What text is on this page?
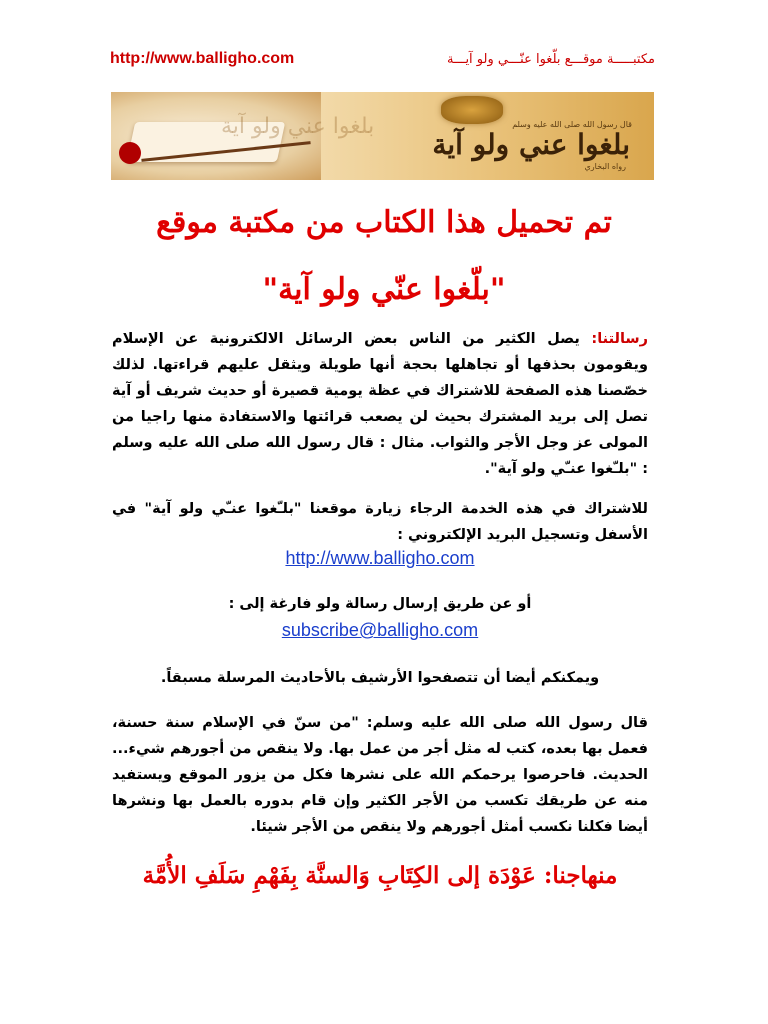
http://www.balligho.com	مكتبـــــة موقـــع بلّغوا عنّـــي ولو آيـــة
بلغوا عني ولو آية	قال رسول الله صلى الله عليه وسلم
بلغوا عني ولو آية
رواه البخاري
تم تحميل هذا الكتاب من مكتبة موقع
"بلّغوا عنّي ولو آية"
رسالتنا: يصل الكثير من الناس بعض الرسائل الالكترونية عن الإسلام ويقومون بحذفها أو تجاهلها بحجة أنها طويلة ويثقل عليهم قراءتها. لذلك خصّصنا هذه الصفحة للاشتراك في عظة يومية قصيرة أو حديث شريف أو آية تصل إلى بريد المشترك بحيث لن يصعب قرائتها والاستفادة منها راجيا من المولى عز وجل الأجر والثواب. مثال : قال رسول الله صلى الله عليه وسلم : "بلـّغوا عنـّي ولو آية".
للاشتراك في هذه الخدمة الرجاء زيارة موقعنا "بلـّغوا عنـّي ولو آية" في الأسفل وتسجيل البريد الإلكتروني :
http://www.balligho.com
أو عن طريق إرسال رسالة ولو فارغة إلى :
subscribe@balligho.com
ويمكنكم أيضا أن تتصفحوا الأرشيف بالأحاديث المرسلة مسبقاً.
قال رسول الله صلى الله عليه وسلم: "من سنّ في الإسلام سنة حسنة، فعمل بها بعده، كتب له مثل أجر من عمل بها. ولا ينقص من أجورهم شيء... الحديث. فاحرصوا يرحمكم الله على نشرها فكل من يزور الموقع ويستفيد منه عن طريقك تكسب من الأجر الكثير وإن قام بدوره بالعمل بها ونشرها أيضا فكلنا نكسب أمثل أجورهم ولا ينقص من الأجر شيئا.
منهاجنا: عَوْدَة إلى الكِتَابِ وَالسنَّة بِفَهْمِ سَلَفِ الأُمَّة
